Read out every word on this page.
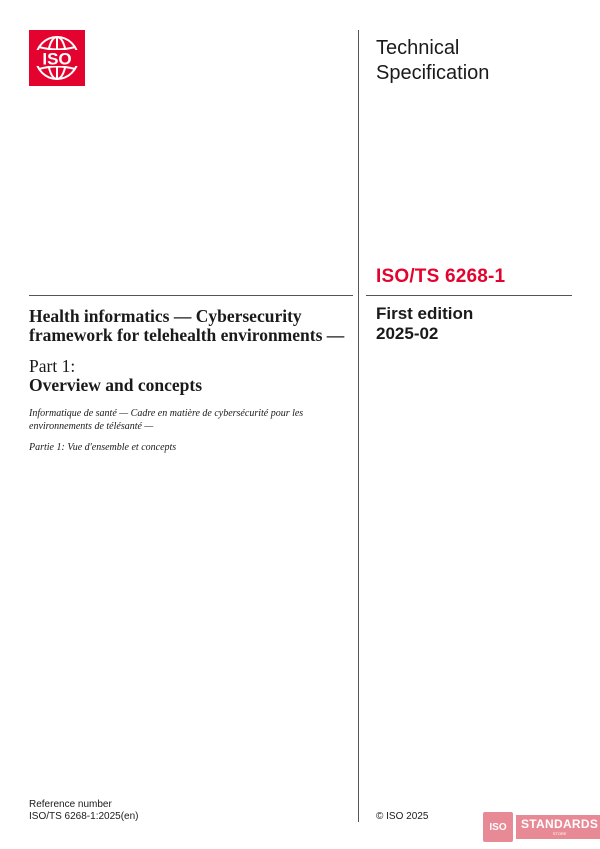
ISO	Technical Specification
ISO/TS 6268-1
First edition
2025-02
Health informatics — Cybersecurity framework for telehealth environments —
Part 1:
Overview and concepts
Informatique de santé — Cadre en matière de cybersécurité pour les environnements de télésanté —
Partie 1: Vue d'ensemble et concepts
Reference number
ISO/TS 6268-1:2025(en)	© ISO 2025
ISO STANDARDS
STORE
